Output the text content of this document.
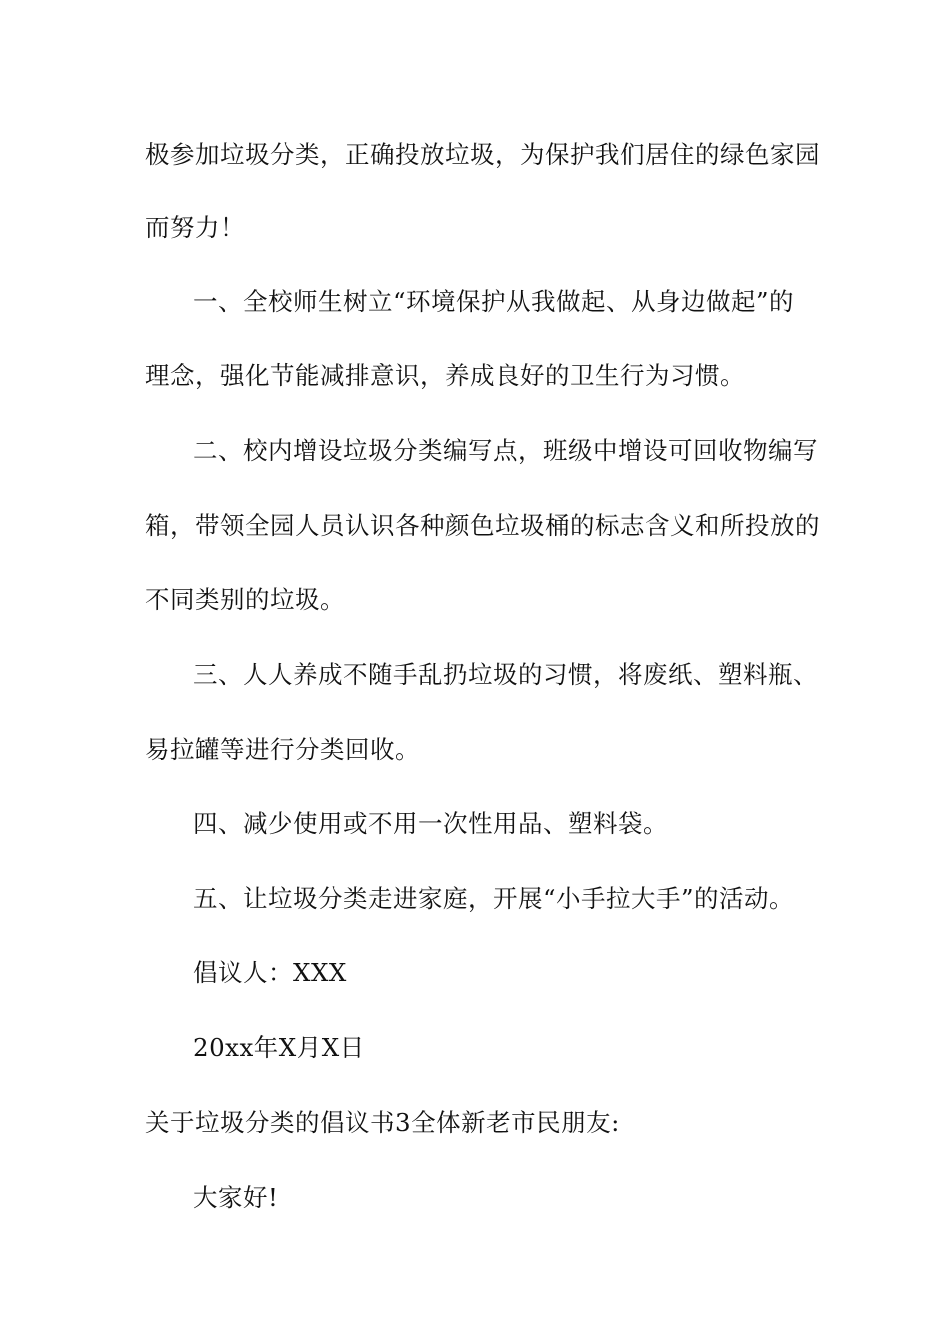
极参加垃圾分类，正确投放垃圾，为保护我们居住的绿色家园
而努力！
一、全校师生树立“环境保护从我做起、从身边做起”的
理念，强化节能减排意识，养成良好的卫生行为习惯。
二、校内增设垃圾分类编写点，班级中增设可回收物编写
箱，带领全园人员认识各种颜色垃圾桶的标志含义和所投放的
不同类别的垃圾。
三、人人养成不随手乱扔垃圾的习惯，将废纸、塑料瓶、
易拉罐等进行分类回收。
四、减少使用或不用一次性用品、塑料袋。
五、让垃圾分类走进家庭，开展“小手拉大手”的活动。
倡议人：XXX
20xx年X月X日
关于垃圾分类的倡议书3全体新老市民朋友:
大家好!
